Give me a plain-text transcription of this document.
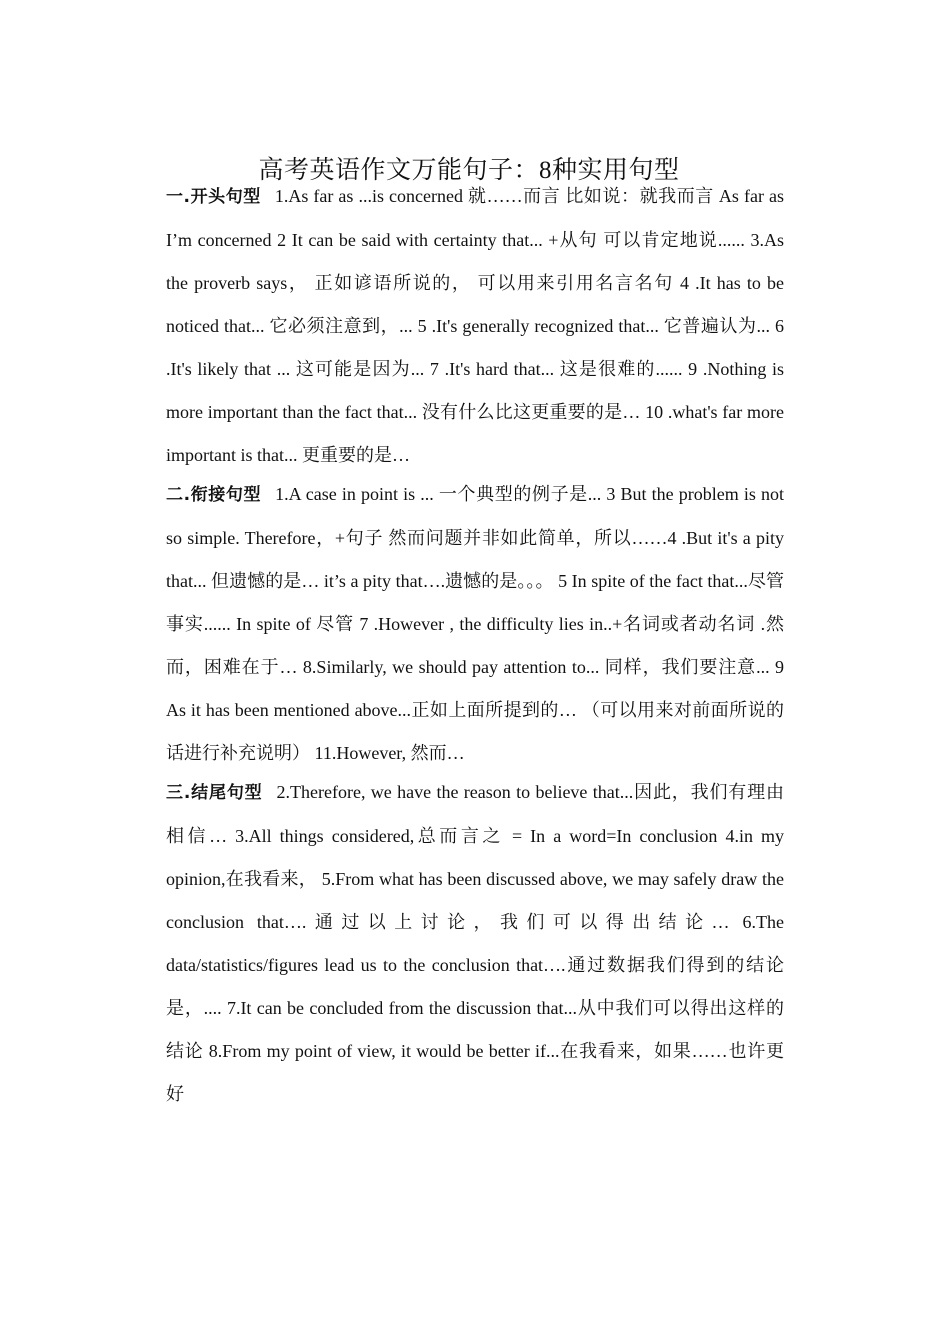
高考英语作文万能句子：8种实用句型

一.开头句型 1.As far as ...is concerned 就……而言 比如说：就我而言 As far as I’m concerned 2 It can be said with certainty that... +从句 可以肯定地说...... 3.As the proverb says， 正如谚语所说的， 可以用来引用名言名句 4 .It has to be noticed that... 它必须注意到，... 5 .It's generally recognized that... 它普遍认为... 6 .It's likely that ... 这可能是因为... 7 .It's hard that... 这是很难的...... 9 .Nothing is more important than the fact that... 没有什么比这更重要的是… 10 .what's far more important is that... 更重要的是…

二.衔接句型 1.A case in point is ... 一个典型的例子是... 3 But the problem is not so simple. Therefore，+句子 然而问题并非如此简单，所以……4 .But it's a pity that... 但遗憾的是… it’s a pity that….遗憾的是。。。 5 In spite of the fact that...尽管事实...... In spite of 尽管 7 .However , the difficulty lies in..+名词或者动名词 .然而，困难在于… 8.Similarly, we should pay attention to... 同样，我们要注意... 9 As it has been mentioned above...正如上面所提到的… （可以用来对前面所说的话进行补充说明） 11.However, 然而…

三.结尾句型 2.Therefore, we have the reason to believe that...因此，我们有理由相信… 3.All things considered,总而言之 = In a word=In conclusion 4.in my opinion,在我看来， 5.From what has been discussed above, we may safely draw the conclusion that….通过以上讨论，我们可以得出结论… 6.The data/statistics/figures lead us to the conclusion that….通过数据我们得到的结论是，.... 7.It can be concluded from the discussion that...从中我们可以得出这样的结论 8.From my point of view, it would be better if...在我看来，如果……也许更好
